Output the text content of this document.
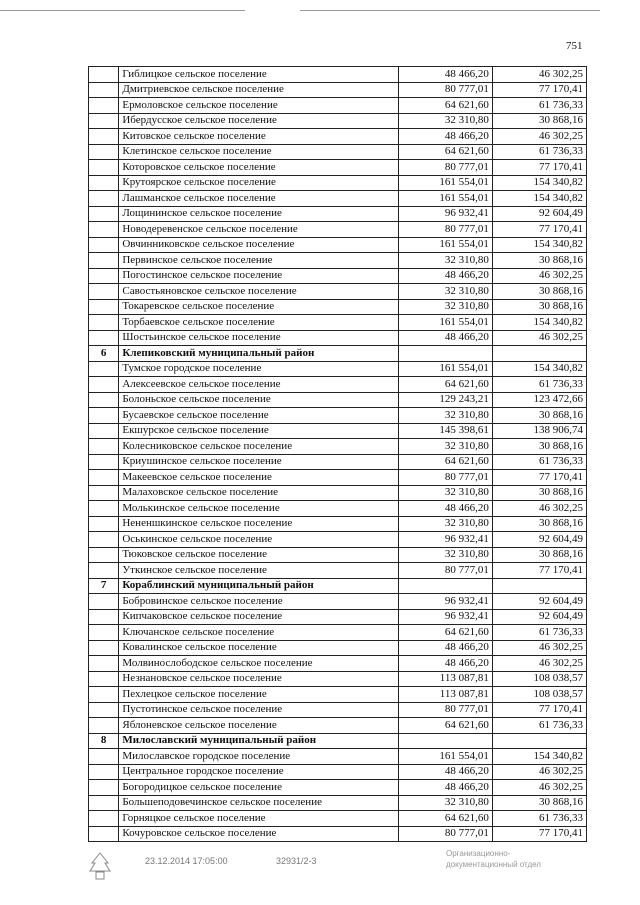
751
	Гиблицкое сельское поселение	48 466,20	46 302,25
	Дмитриевское сельское поселение	80 777,01	77 170,41
	Ермоловское сельское поселение	64 621,60	61 736,33
	Ибердусское сельское поселение	32 310,80	30 868,16
	Китовское сельское поселение	48 466,20	46 302,25
	Клетинское сельское поселение	64 621,60	61 736,33
	Которовское сельское поселение	80 777,01	77 170,41
	Крутоярское сельское поселение	161 554,01	154 340,82
	Лашманское сельское поселение	161 554,01	154 340,82
	Лощининское сельское поселение	96 932,41	92 604,49
	Новодеревенское сельское поселение	80 777,01	77 170,41
	Овчинниковское сельское поселение	161 554,01	154 340,82
	Первинское сельское поселение	32 310,80	30 868,16
	Погостинское сельское поселение	48 466,20	46 302,25
	Савостьяновское сельское поселение	32 310,80	30 868,16
	Токаревское сельское поселение	32 310,80	30 868,16
	Торбаевское сельское поселение	161 554,01	154 340,82
	Шостьинское сельское поселение	48 466,20	46 302,25
6	Клепиковский муниципальный район		
	Тумское городское поселение	161 554,01	154 340,82
	Алексеевское сельское поселение	64 621,60	61 736,33
	Болоньское сельское поселение	129 243,21	123 472,66
	Бусаевское сельское поселение	32 310,80	30 868,16
	Екшурское сельское поселение	145 398,61	138 906,74
	Колесниковское сельское поселение	32 310,80	30 868,16
	Криушинское сельское поселение	64 621,60	61 736,33
	Макеевское сельское поселение	80 777,01	77 170,41
	Малаховское сельское поселение	32 310,80	30 868,16
	Молькинское сельское поселение	48 466,20	46 302,25
	Нененшкинское сельское поселение	32 310,80	30 868,16
	Оськинское сельское поселение	96 932,41	92 604,49
	Тюковское сельское поселение	32 310,80	30 868,16
	Уткинское сельское поселение	80 777,01	77 170,41
7	Кораблинский муниципальный район		
	Бобровинское сельское поселение	96 932,41	92 604,49
	Кипчаковское сельское поселение	96 932,41	92 604,49
	Ключанское сельское поселение	64 621,60	61 736,33
	Ковалинское сельское поселение	48 466,20	46 302,25
	Молвинослободское сельское поселение	48 466,20	46 302,25
	Незнановское сельское поселение	113 087,81	108 038,57
	Пехлецкое сельское поселение	113 087,81	108 038,57
	Пустотинское сельское поселение	80 777,01	77 170,41
	Яблоневское сельское поселение	64 621,60	61 736,33
8	Милославский муниципальный район		
	Милославское городское поселение	161 554,01	154 340,82
	Центральное городское поселение	48 466,20	46 302,25
	Богородицкое сельское поселение	48 466,20	46 302,25
	Большеподовечинское сельское поселение	32 310,80	30 868,16
	Горняцкое сельское поселение	64 621,60	61 736,33
	Кочуровское сельское поселение	80 777,01	77 170,41
23.12.2014 17:05:00	32931/2-3
Организационно-
документационный отдел
